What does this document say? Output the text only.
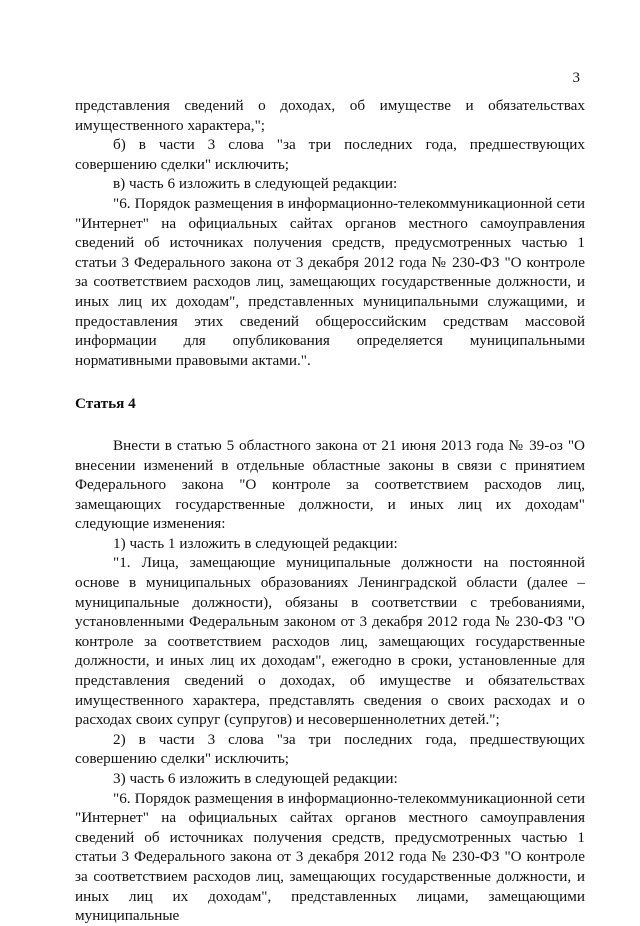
3

представления сведений о доходах, об имуществе и обязательствах имущественного характера,";

б) в части 3 слова "за три последних года, предшествующих совершению сделки" исключить;

в) часть 6 изложить в следующей редакции:

"6. Порядок размещения в информационно-телекоммуникационной сети "Интернет" на официальных сайтах органов местного самоуправления сведений об источниках получения средств, предусмотренных частью 1 статьи 3 Федерального закона от 3 декабря 2012 года № 230-ФЗ "О контроле за соответствием расходов лиц, замещающих государственные должности, и иных лиц их доходам", представленных муниципальными служащими, и предоставления этих сведений общероссийским средствам массовой информации для опубликования определяется муниципальными нормативными правовыми актами.".

Статья 4

Внести в статью 5 областного закона от 21 июня 2013 года № 39-оз "О внесении изменений в отдельные областные законы в связи с принятием Федерального закона "О контроле за соответствием расходов лиц, замещающих государственные должности, и иных лиц их доходам" следующие изменения:

1) часть 1 изложить в следующей редакции:

"1. Лица, замещающие муниципальные должности на постоянной основе в муниципальных образованиях Ленинградской области (далее – муниципальные должности), обязаны в соответствии с требованиями, установленными Федеральным законом от 3 декабря 2012 года № 230-ФЗ "О контроле за соответствием расходов лиц, замещающих государственные должности, и иных лиц их доходам", ежегодно в сроки, установленные для представления сведений о доходах, об имуществе и обязательствах имущественного характера, представлять сведения о своих расходах и о расходах своих супруг (супругов) и несовершеннолетних детей.";

2) в части 3 слова "за три последних года, предшествующих совершению сделки" исключить;

3) часть 6 изложить в следующей редакции:

"6. Порядок размещения в информационно-телекоммуникационной сети "Интернет" на официальных сайтах органов местного самоуправления сведений об источниках получения средств, предусмотренных частью 1 статьи 3 Федерального закона от 3 декабря 2012 года № 230-ФЗ "О контроле за соответствием расходов лиц, замещающих государственные должности, и иных лиц их доходам", представленных лицами, замещающими муниципальные
